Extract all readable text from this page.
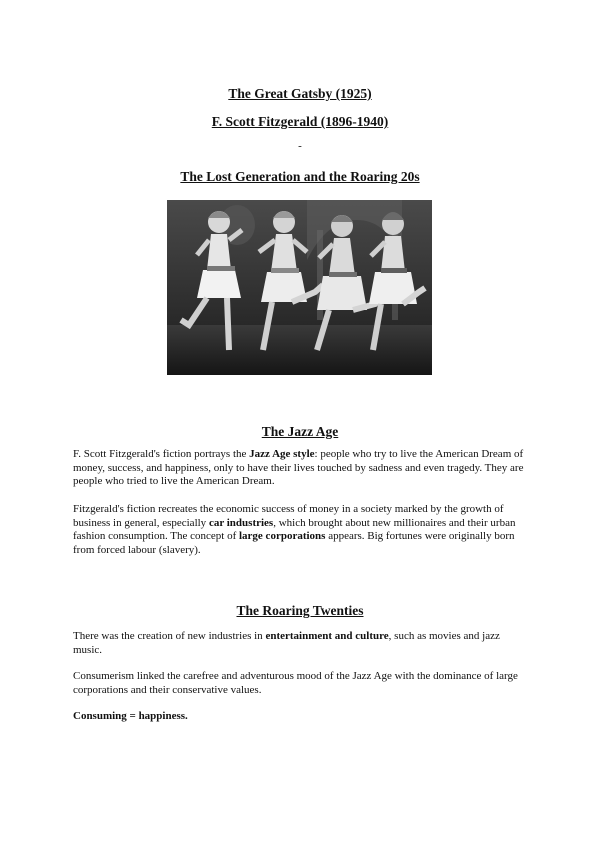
The Great Gatsby (1925)
F. Scott Fitzgerald (1896-1940)
-
The Lost Generation and the Roaring 20s
The Jazz Age

F. Scott Fitzgerald's fiction portrays the Jazz Age style: people who try to live the American Dream of money, success, and happiness, only to have their lives touched by sadness and even tragedy. They are people who tried to live the American Dream.

Fitzgerald's fiction recreates the economic success of money in a society marked by the growth of business in general, especially car industries, which brought about new millionaires and their urban fashion consumption. The concept of large corporations appears. Big fortunes were originally born from forced labour (slavery).

The Roaring Twenties

There was the creation of new industries in entertainment and culture, such as movies and jazz music.

Consumerism linked the carefree and adventurous mood of the Jazz Age with the dominance of large corporations and their conservative values.

Consuming = happiness.
